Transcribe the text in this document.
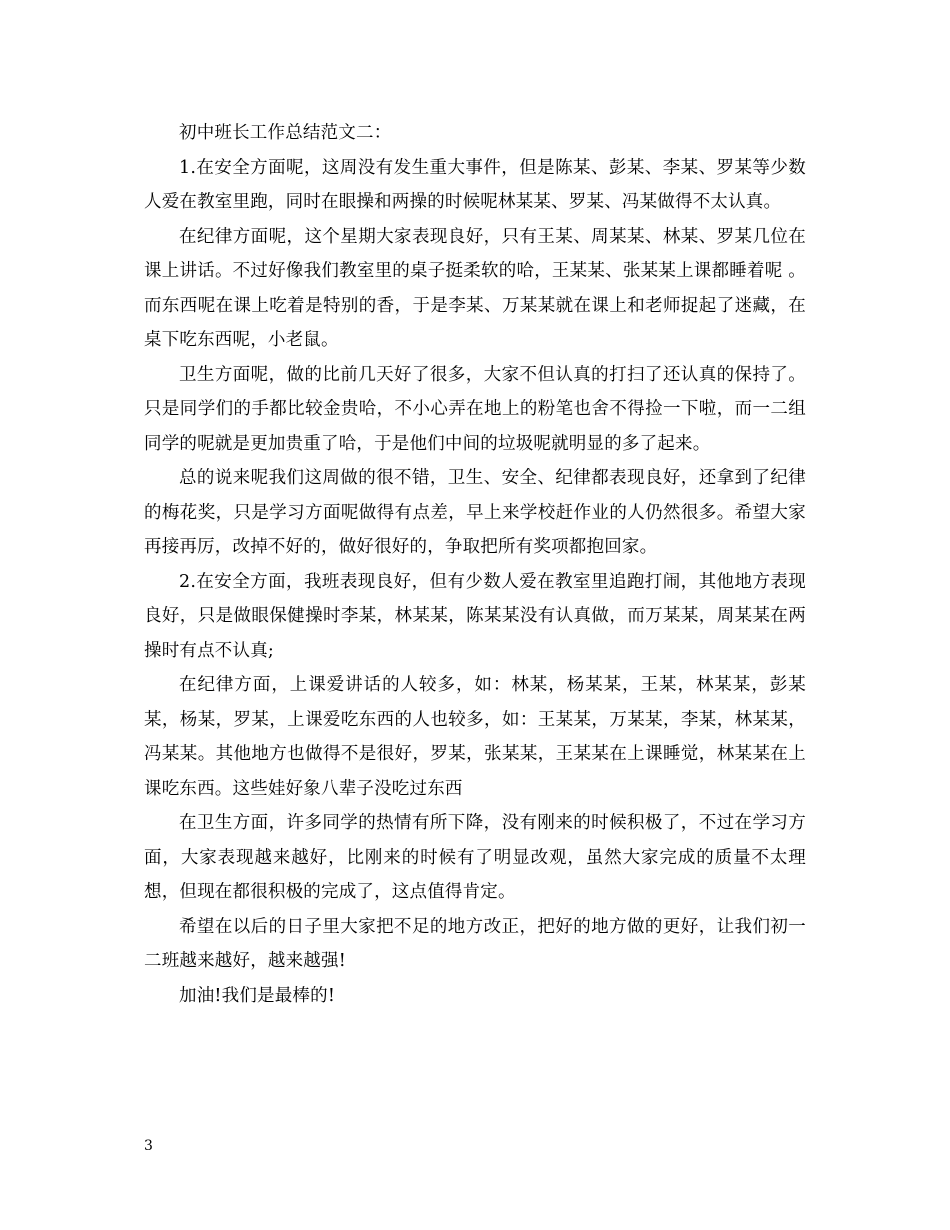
初中班长工作总结范文二：

1.在安全方面呢，这周没有发生重大事件，但是陈某、彭某、李某、罗某等少数人爱在教室里跑，同时在眼操和两操的时候呢林某某、罗某、冯某做得不太认真。

在纪律方面呢，这个星期大家表现良好，只有王某、周某某、林某、罗某几位在课上讲话。不过好像我们教室里的桌子挺柔软的哈，王某某、张某某上课都睡着呢 。而东西呢在课上吃着是特别的香，于是李某、万某某就在课上和老师捉起了迷藏，在桌下吃东西呢，小老鼠。

卫生方面呢，做的比前几天好了很多，大家不但认真的打扫了还认真的保持了。只是同学们的手都比较金贵哈，不小心弄在地上的粉笔也舍不得捡一下啦，而一二组同学的呢就是更加贵重了哈，于是他们中间的垃圾呢就明显的多了起来。

总的说来呢我们这周做的很不错，卫生、安全、纪律都表现良好，还拿到了纪律的梅花奖，只是学习方面呢做得有点差，早上来学校赶作业的人仍然很多。希望大家再接再厉，改掉不好的，做好很好的，争取把所有奖项都抱回家。

2.在安全方面，我班表现良好，但有少数人爱在教室里追跑打闹，其他地方表现良好，只是做眼保健操时李某，林某某，陈某某没有认真做，而万某某，周某某在两操时有点不认真;

在纪律方面，上课爱讲话的人较多，如：林某，杨某某，王某，林某某，彭某某，杨某，罗某，上课爱吃东西的人也较多，如：王某某，万某某，李某，林某某，冯某某。其他地方也做得不是很好，罗某，张某某，王某某在上课睡觉，林某某在上课吃东西。这些娃好象八辈子没吃过东西

在卫生方面，许多同学的热情有所下降，没有刚来的时候积极了，不过在学习方面，大家表现越来越好，比刚来的时候有了明显改观，虽然大家完成的质量不太理想，但现在都很积极的完成了，这点值得肯定。

希望在以后的日子里大家把不足的地方改正，把好的地方做的更好，让我们初一二班越来越好，越来越强!

加油!我们是最棒的!

3
